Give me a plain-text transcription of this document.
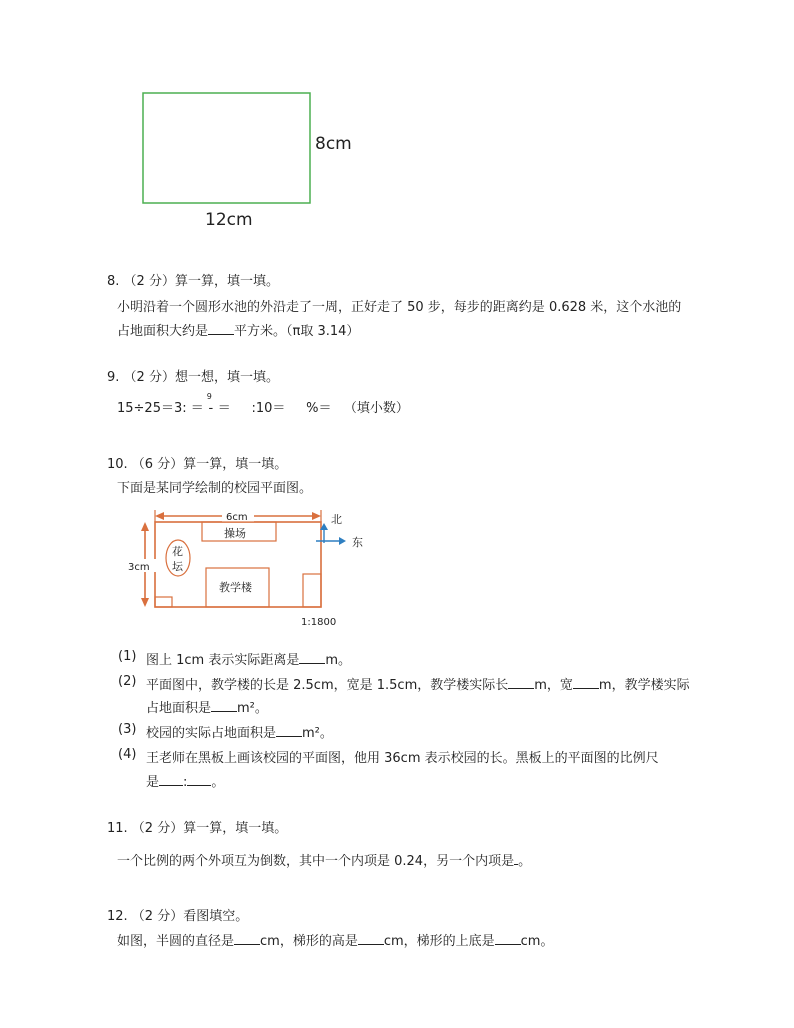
8cm
12cm
8. （2 分）算一算，填一填。
小明沿着一个圆形水池的外沿走了一周，正好走了 50 步，每步的距离约是 0.628 米，这个水池的
占地面积大约是 平方米。（π取 3.14）
9. （2 分）想一想，填一填。
15÷25＝3: ＝
9
- ＝ :10＝ %＝ （填小数）
10. （6 分）算一算，填一填。
下面是某同学绘制的校园平面图。
6cm
3cm
操场
花
坛
教学楼
1:1800
北
东
(1) 图上 1cm 表示实际距离是 m。
(2) 平面图中，教学楼的长是 2.5cm，宽是 1.5cm，教学楼实际长 m，宽 m，教学楼实际
占地面积是 m²。
(3) 校园的实际占地面积是 m²。
(4) 王老师在黑板上画该校园的平面图，他用 36cm 表示校园的长。黑板上的平面图的比例尺
是 : 。
11. （2 分）算一算，填一填。
一个比例的两个外项互为倒数，其中一个内项是 0.24，另一个内项是 。
12. （2 分）看图填空。
如图，半圆的直径是 cm，梯形的高是 cm，梯形的上底是 cm。
